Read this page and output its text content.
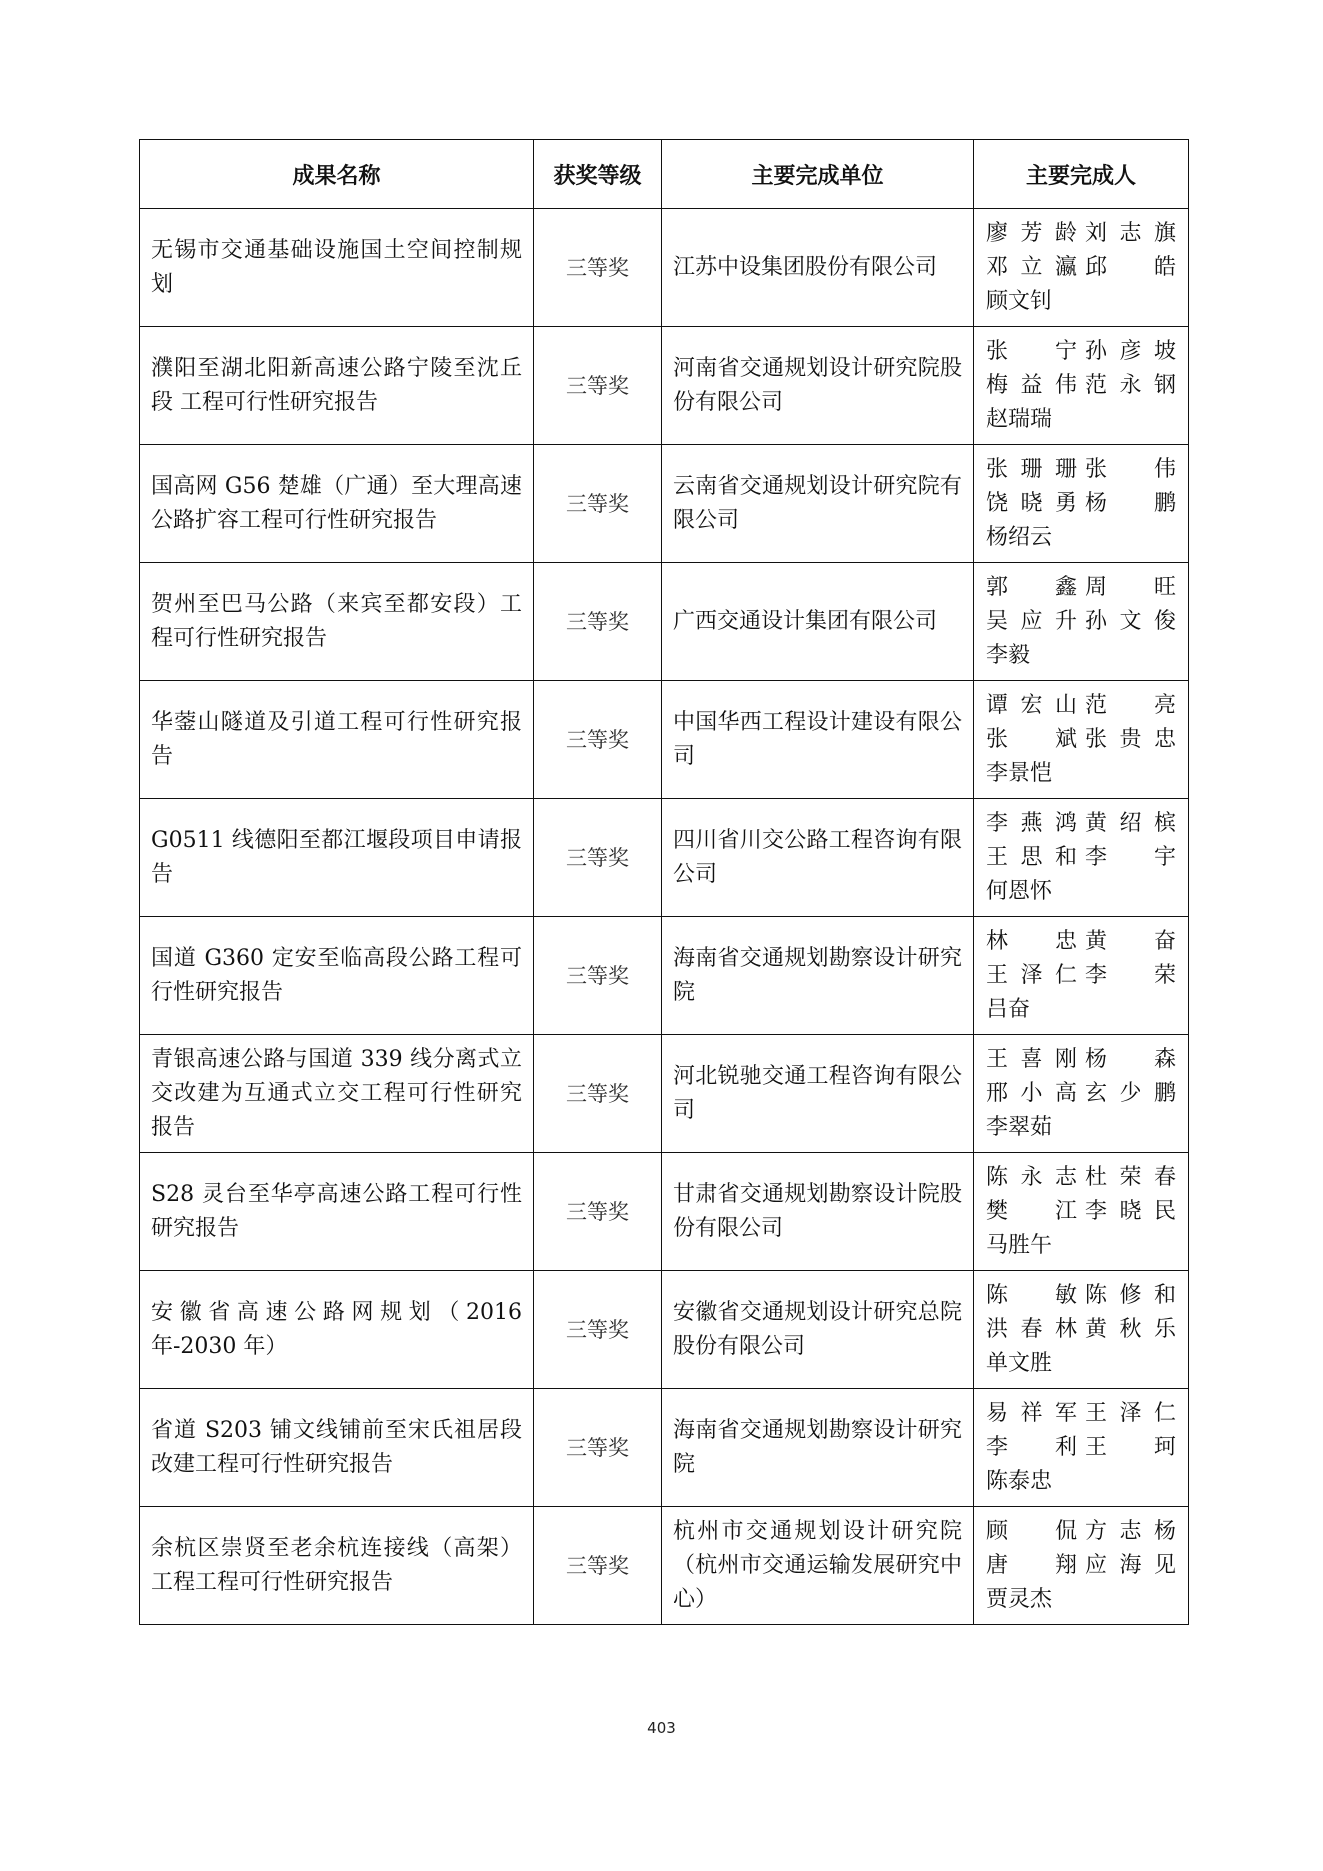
成果名称	获奖等级	主要完成单位	主要完成人
无锡市交通基础设施国土空间控制规划	三等奖	江苏中设集团股份有限公司	廖芳龄 刘志旗
邓立瀛 邱皓
顾文钊

濮阳至湖北阳新高速公路宁陵至沈丘段 工程可行性研究报告	三等奖	河南省交通规划设计研究院股份有限公司	张宁 孙彦坡
梅益伟 范永钢
赵瑞瑞

国高网 G56 楚雄（广通）至大理高速公路扩容工程可行性研究报告	三等奖	云南省交通规划设计研究院有限公司	张珊珊 张伟
饶晓勇 杨鹏
杨绍云

贺州至巴马公路（来宾至都安段）工程可行性研究报告	三等奖	广西交通设计集团有限公司	郭鑫 周旺
吴应升 孙文俊
李毅

华蓥山隧道及引道工程可行性研究报告	三等奖	中国华西工程设计建设有限公司	谭宏山 范亮
张斌 张贵忠
李景恺

G0511 线德阳至都江堰段项目申请报告	三等奖	四川省川交公路工程咨询有限公司	李燕鸿 黄绍槟
王思和 李宇
何恩怀

国道 G360 定安至临高段公路工程可行性研究报告	三等奖	海南省交通规划勘察设计研究院	林忠 黄奋
王泽仁 李荣
吕奋

青银高速公路与国道 339 线分离式立交改建为互通式立交工程可行性研究报告	三等奖	河北锐驰交通工程咨询有限公司	王喜刚 杨森
邢小高 玄少鹏
李翠茹

S28 灵台至华亭高速公路工程可行性研究报告	三等奖	甘肃省交通规划勘察设计院股份有限公司	陈永志 杜荣春
樊江 李晓民
马胜午

安徽省高速公路网规划（2016 年-2030 年）	三等奖	安徽省交通规划设计研究总院股份有限公司	陈敏 陈修和
洪春林 黄秋乐
单文胜

省道 S203 铺文线铺前至宋氏祖居段改建工程可行性研究报告	三等奖	海南省交通规划勘察设计研究院	易祥军 王泽仁
李利 王珂
陈泰忠

余杭区崇贤至老余杭连接线（高架）工程工程可行性研究报告	三等奖	杭州市交通规划设计研究院（杭州市交通运输发展研究中心）	顾侃 方志杨
唐翔 应海见
贾灵杰
403
